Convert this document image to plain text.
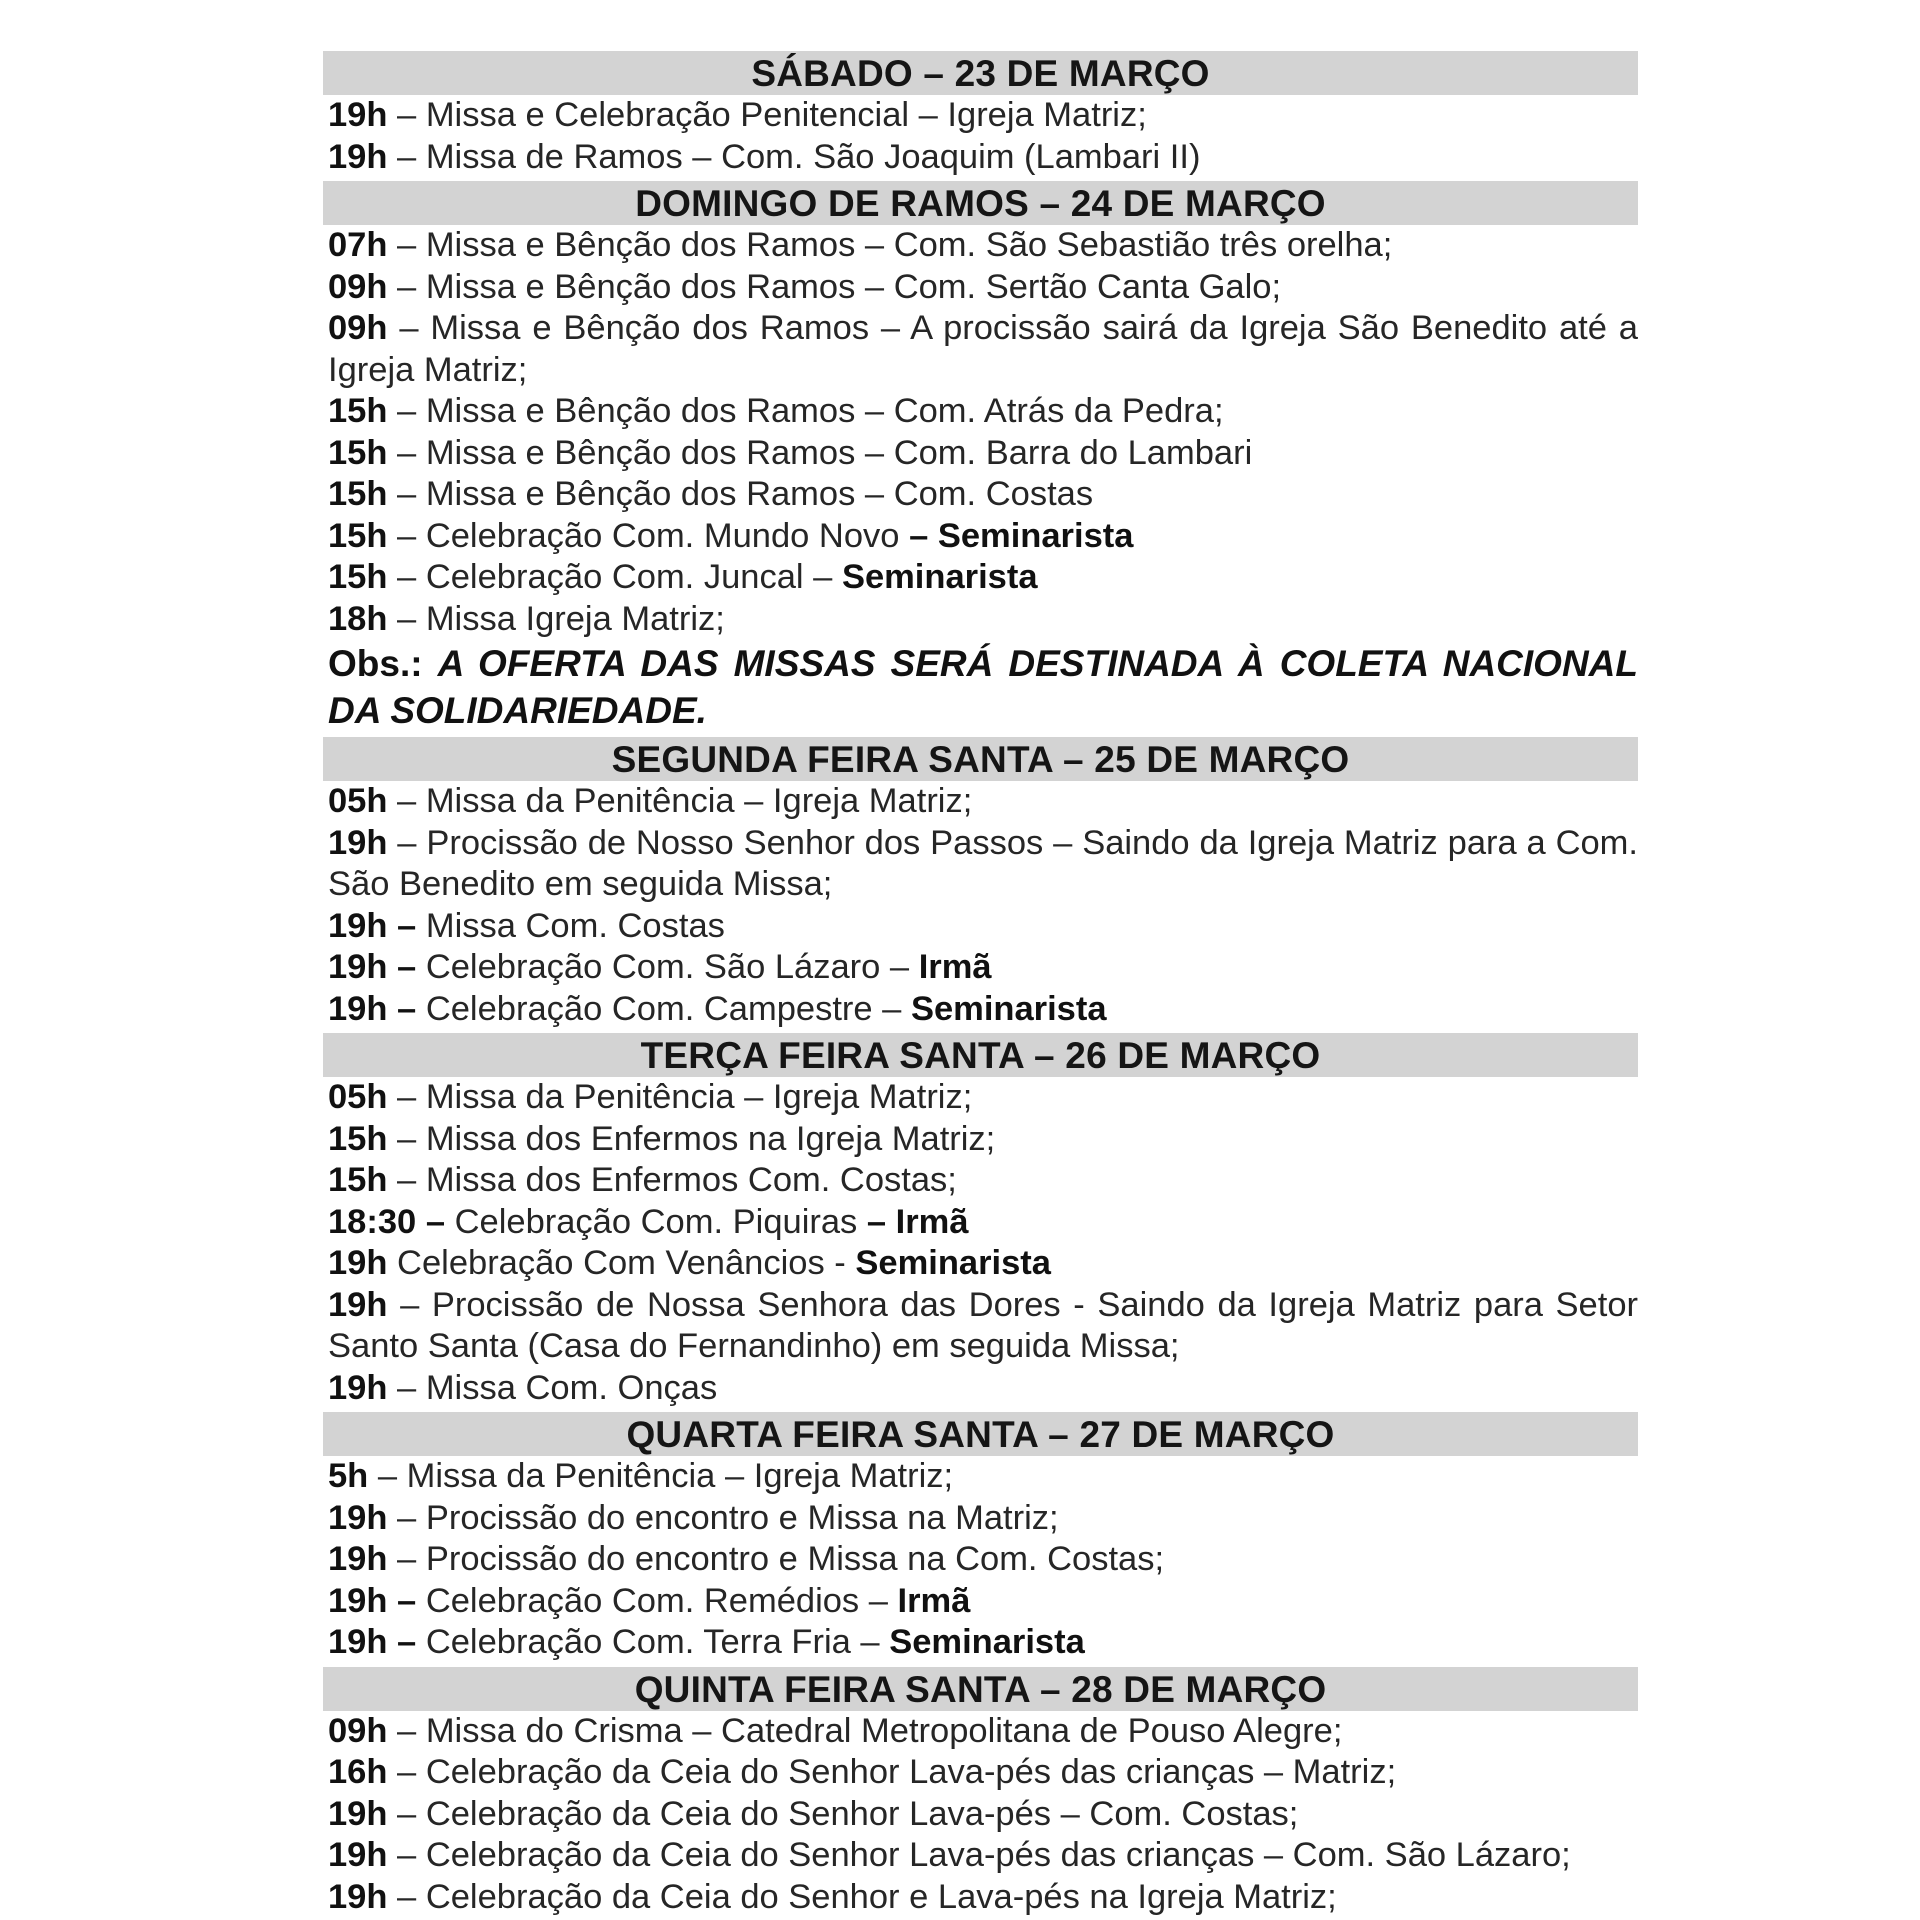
SÁBADO – 23 DE MARÇO
19h – Missa e Celebração Penitencial – Igreja Matriz;
19h – Missa de Ramos – Com. São Joaquim (Lambari II)
DOMINGO DE RAMOS – 24 DE MARÇO
07h – Missa e Bênção dos Ramos – Com. São Sebastião três orelha;
09h – Missa e Bênção dos Ramos – Com. Sertão Canta Galo;
09h – Missa e Bênção dos Ramos – A procissão sairá da Igreja São Benedito até a Igreja Matriz;
15h – Missa e Bênção dos Ramos – Com. Atrás da Pedra;
15h – Missa e Bênção dos Ramos – Com. Barra do Lambari
15h – Missa e Bênção dos Ramos – Com. Costas
15h – Celebração Com. Mundo Novo – Seminarista
15h – Celebração Com. Juncal – Seminarista
18h – Missa Igreja Matriz;
Obs.: A OFERTA DAS MISSAS SERÁ DESTINADA À COLETA NACIONAL DA SOLIDARIEDADE.
SEGUNDA FEIRA SANTA – 25 DE MARÇO
05h – Missa da Penitência – Igreja Matriz;
19h – Procissão de Nosso Senhor dos Passos – Saindo da Igreja Matriz para a Com. São Benedito em seguida Missa;
19h – Missa Com. Costas
19h – Celebração Com. São Lázaro – Irmã
19h – Celebração Com. Campestre – Seminarista
TERÇA FEIRA SANTA – 26 DE MARÇO
05h – Missa da Penitência – Igreja Matriz;
15h – Missa dos Enfermos na Igreja Matriz;
15h – Missa dos Enfermos Com. Costas;
18:30 – Celebração Com. Piquiras – Irmã
19h Celebração Com Venâncios - Seminarista
19h – Procissão de Nossa Senhora das Dores - Saindo da Igreja Matriz para Setor Santo Santa (Casa do Fernandinho) em seguida Missa;
19h – Missa Com. Onças
QUARTA FEIRA SANTA – 27 DE MARÇO
5h – Missa da Penitência – Igreja Matriz;
19h – Procissão do encontro e Missa na Matriz;
19h – Procissão do encontro e Missa na Com. Costas;
19h – Celebração Com. Remédios – Irmã
19h – Celebração Com. Terra Fria – Seminarista
QUINTA FEIRA SANTA – 28 DE MARÇO
09h – Missa do Crisma – Catedral Metropolitana de Pouso Alegre;
16h – Celebração da Ceia do Senhor Lava-pés das crianças – Matriz;
19h – Celebração da Ceia do Senhor Lava-pés – Com. Costas;
19h – Celebração da Ceia do Senhor Lava-pés das crianças – Com. São Lázaro;
19h – Celebração da Ceia do Senhor e Lava-pés na Igreja Matriz;
